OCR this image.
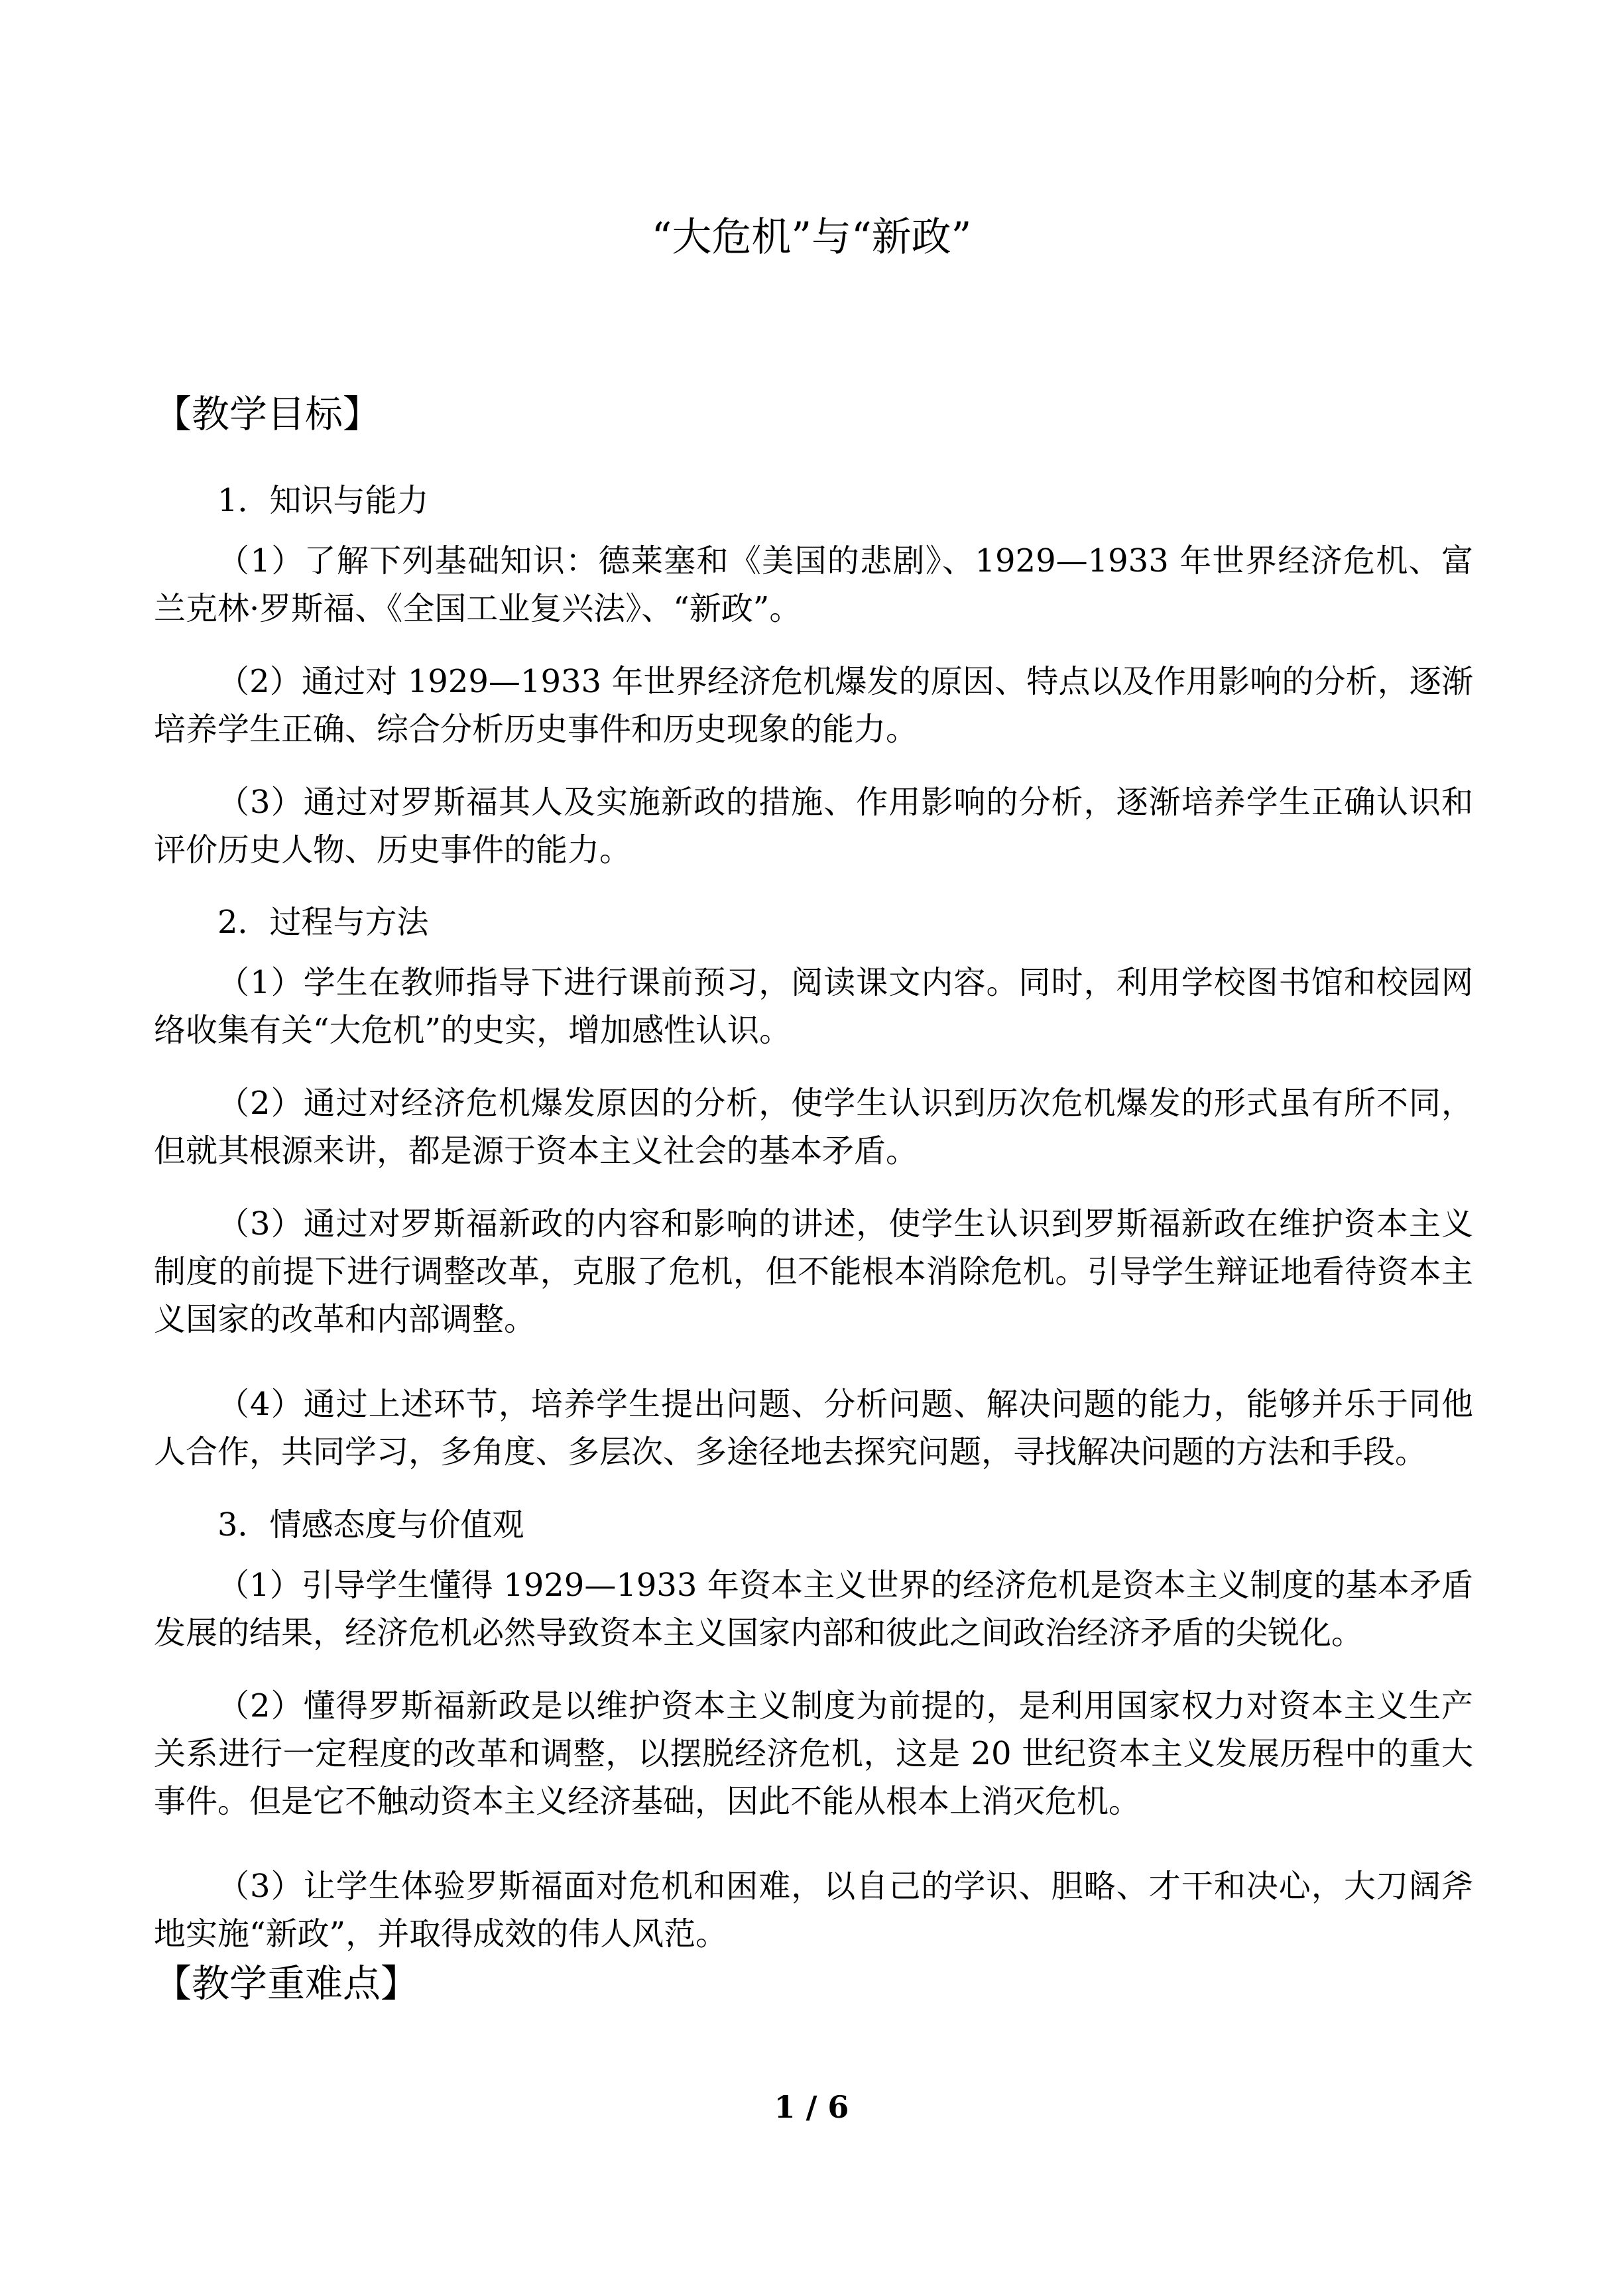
“大危机”与“新政”
【教学目标】
1．知识与能力

（1）了解下列基础知识：德莱塞和《美国的悲剧》、1929—1933 年世界经济危机、富兰克林·罗斯福、《全国工业复兴法》、“新政”。

（2）通过对 1929—1933 年世界经济危机爆发的原因、特点以及作用影响的分析，逐渐培养学生正确、综合分析历史事件和历史现象的能力。

（3）通过对罗斯福其人及实施新政的措施、作用影响的分析，逐渐培养学生正确认识和评价历史人物、历史事件的能力。

2．过程与方法

（1）学生在教师指导下进行课前预习，阅读课文内容。同时，利用学校图书馆和校园网络收集有关“大危机”的史实，增加感性认识。

（2）通过对经济危机爆发原因的分析，使学生认识到历次危机爆发的形式虽有所不同，但就其根源来讲，都是源于资本主义社会的基本矛盾。

（3）通过对罗斯福新政的内容和影响的讲述，使学生认识到罗斯福新政在维护资本主义制度的前提下进行调整改革，克服了危机，但不能根本消除危机。引导学生辩证地看待资本主义国家的改革和内部调整。

（4）通过上述环节，培养学生提出问题、分析问题、解决问题的能力，能够并乐于同他人合作，共同学习，多角度、多层次、多途径地去探究问题，寻找解决问题的方法和手段。

3．情感态度与价值观

（1）引导学生懂得 1929—1933 年资本主义世界的经济危机是资本主义制度的基本矛盾发展的结果，经济危机必然导致资本主义国家内部和彼此之间政治经济矛盾的尖锐化。

（2）懂得罗斯福新政是以维护资本主义制度为前提的，是利用国家权力对资本主义生产关系进行一定程度的改革和调整，以摆脱经济危机，这是 20 世纪资本主义发展历程中的重大事件。但是它不触动资本主义经济基础，因此不能从根本上消灭危机。

（3）让学生体验罗斯福面对危机和困难，以自己的学识、胆略、才干和决心，大刀阔斧地实施“新政”，并取得成效的伟人风范。

【教学重难点】
1 / 6
